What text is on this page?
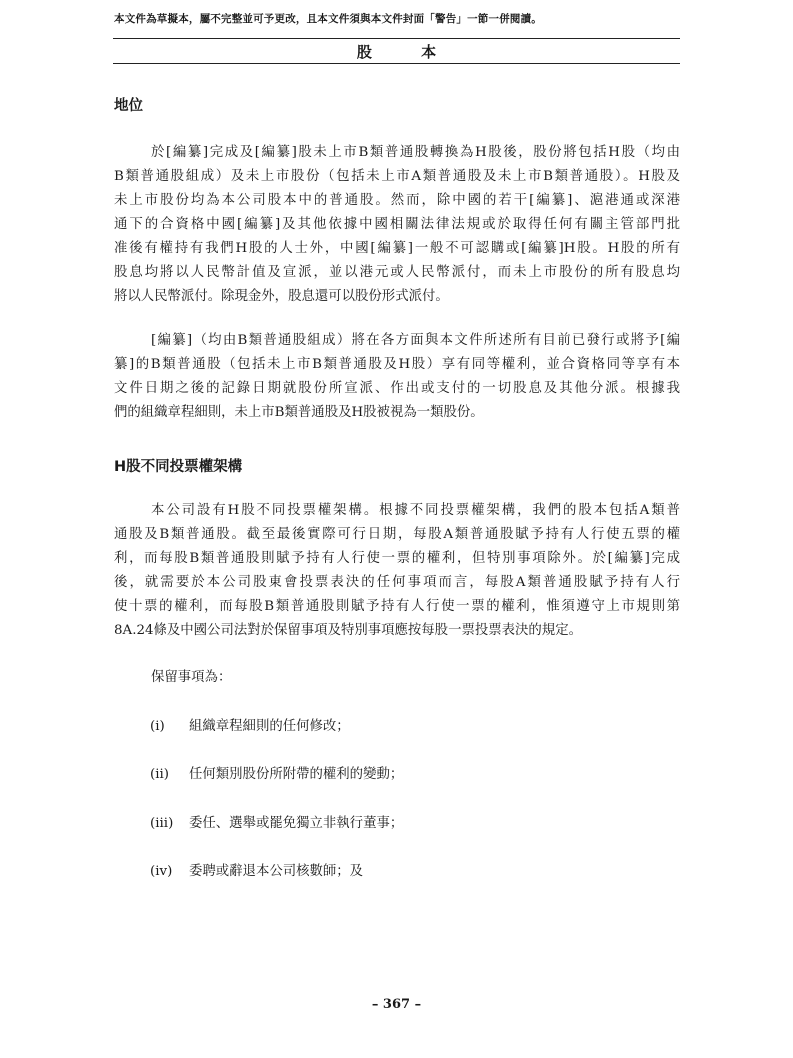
本文件為草擬本，屬不完整並可予更改，且本文件須與本文件封面「警告」一節一併閱讀。
股 本
地位
於[編纂]完成及[編纂]股未上市B類普通股轉換為H股後，股份將包括H股（均由
B類普通股組成）及未上市股份（包括未上市A類普通股及未上市B類普通股）。H股及
未上市股份均為本公司股本中的普通股。然而，除中國的若干[編纂]、滬港通或深港
通下的合資格中國[編纂]及其他依據中國相關法律法規或於取得任何有關主管部門批
准後有權持有我們H股的人士外，中國[編纂]一般不可認購或[編纂]H股。H股的所有
股息均將以人民幣計值及宣派，並以港元或人民幣派付，而未上市股份的所有股息均
將以人民幣派付。除現金外，股息還可以股份形式派付。
[編纂]（均由B類普通股組成）將在各方面與本文件所述所有目前已發行或將予[編
纂]的B類普通股（包括未上市B類普通股及H股）享有同等權利，並合資格同等享有本
文件日期之後的記錄日期就股份所宣派、作出或支付的一切股息及其他分派。根據我
們的組織章程細則，未上市B類普通股及H股被視為一類股份。
H股不同投票權架構
本公司設有H股不同投票權架構。根據不同投票權架構，我們的股本包括A類普
通股及B類普通股。截至最後實際可行日期，每股A類普通股賦予持有人行使五票的權
利，而每股B類普通股則賦予持有人行使一票的權利，但特別事項除外。於[編纂]完成
後，就需要於本公司股東會投票表決的任何事項而言，每股A類普通股賦予持有人行
使十票的權利，而每股B類普通股則賦予持有人行使一票的權利，惟須遵守上市規則第
8A.24條及中國公司法對於保留事項及特別事項應按每股一票投票表決的規定。
保留事項為：
(i) 組織章程細則的任何修改；
(ii) 任何類別股份所附帶的權利的變動；
(iii) 委任、選舉或罷免獨立非執行董事；
(iv) 委聘或辭退本公司核數師；及
– 367 –
